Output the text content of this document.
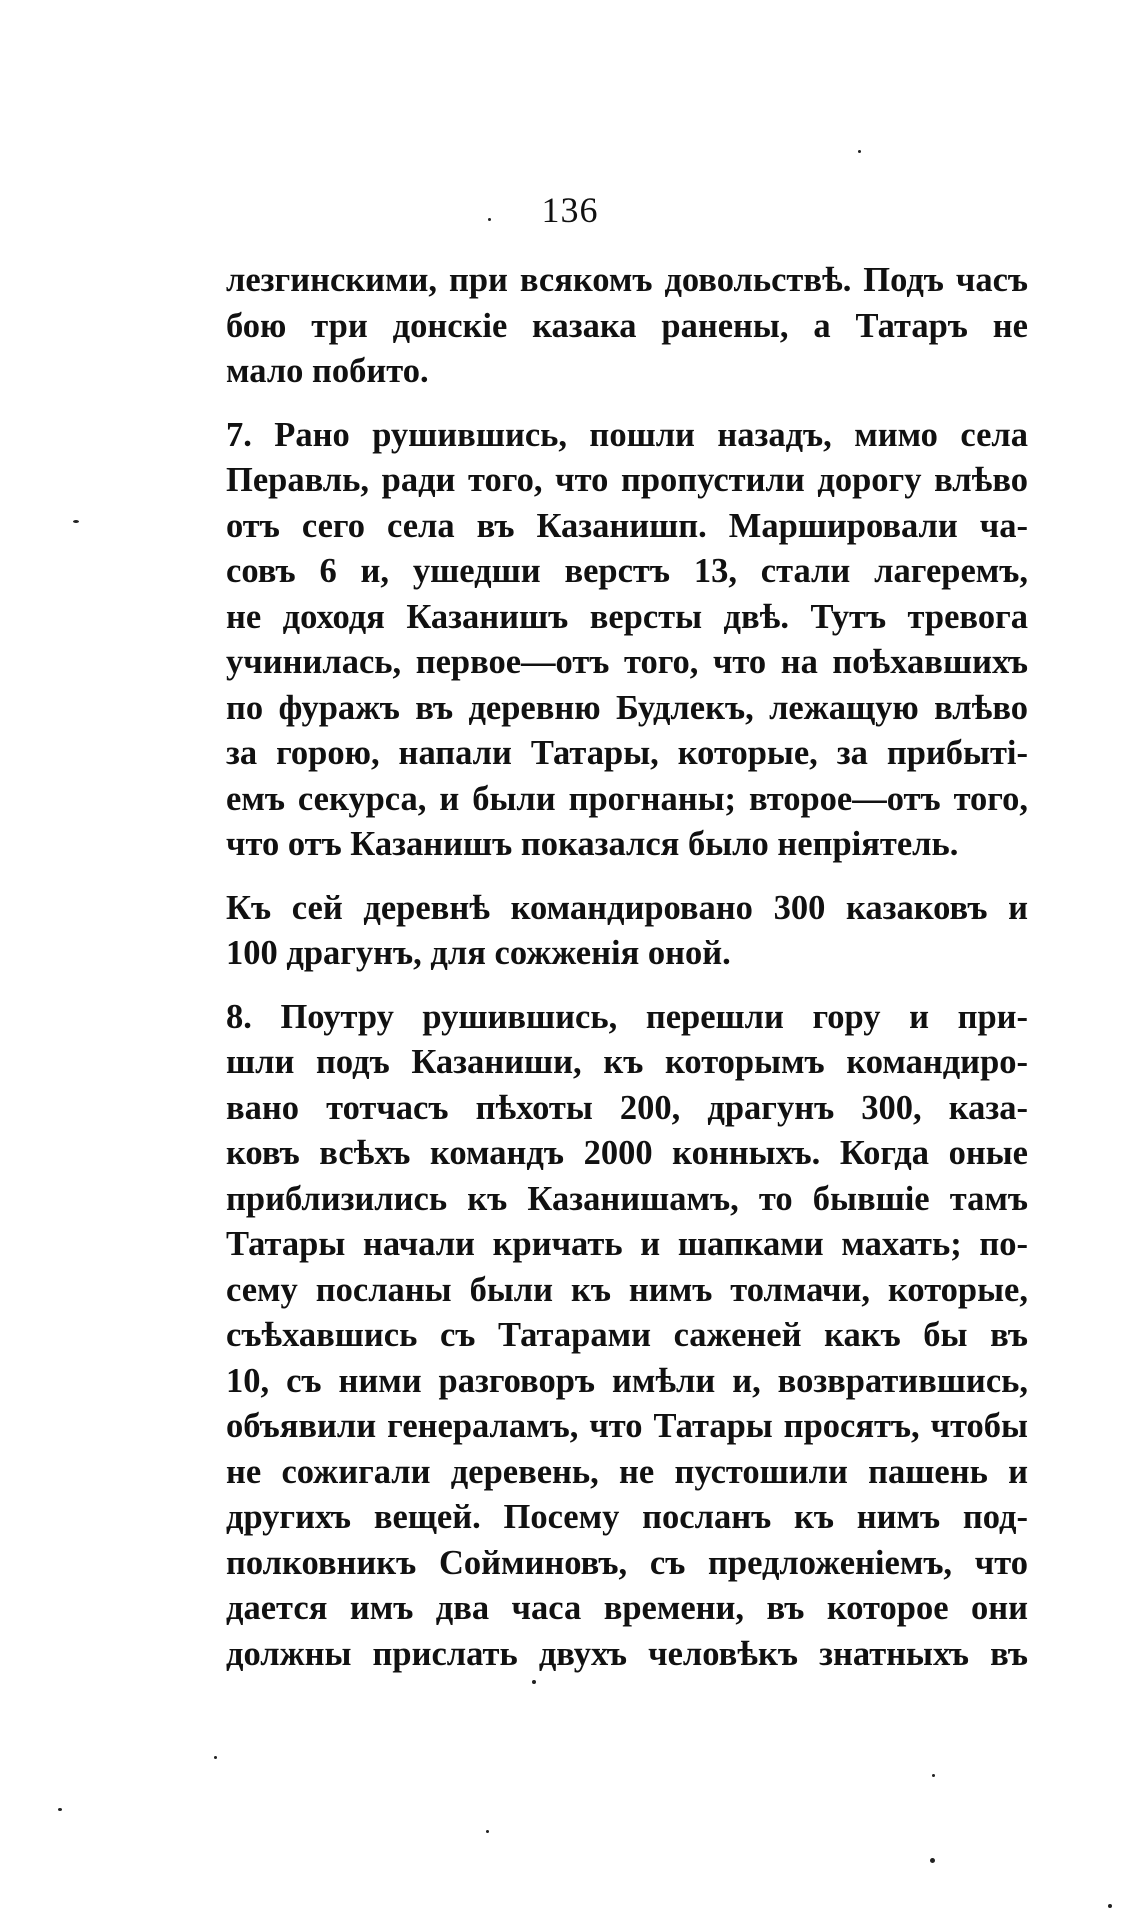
136

лезгинскими, при всякомъ довольствѣ. Подъ часъ
бою три донскіе казака ранены, а Татаръ не
мало побито.

7. Рано рушившись, пошли назадъ, мимо села
Перавль, ради того, что пропустили дорогу влѣво
отъ сего села въ Казанишп. Маршировали ча-
совъ 6 и, ушедши верстъ 13, стали лагеремъ,
не доходя Казанишъ версты двѣ. Тутъ тревога
учинилась, первое—отъ того, что на поѣхавшихъ
по фуражъ въ деревню Будлекъ, лежащую влѣво
за горою, напали Татары, которые, за прибыті-
емъ секурса, и были прогнаны; второе—отъ того,
что отъ Казанишъ показался было непріятель.

Къ сей деревнѣ командировано 300 казаковъ и
100 драгунъ, для сожженія оной.

8. Поутру рушившись, перешли гору и при-
шли подъ Казаниши, къ которымъ командиро-
вано тотчасъ пѣхоты 200, драгунъ 300, каза-
ковъ всѣхъ командъ 2000 конныхъ. Когда оные
приблизились къ Казанишамъ, то бывшіе тамъ
Татары начали кричать и шапками махать; по-
сему посланы были къ нимъ толмачи, которые,
съѣхавшись съ Татарами саженей какъ бы въ
10, съ ними разговоръ имѣли и, возвратившись,
объявили генераламъ, что Татары просятъ, чтобы
не сожигали деревень, не пустошили пашень и
другихъ вещей. Посему посланъ къ нимъ под-
полковникъ Сойминовъ, съ предложеніемъ, что
дается имъ два часа времени, въ которое они
должны прислать двухъ человѣкъ знатныхъ въ
